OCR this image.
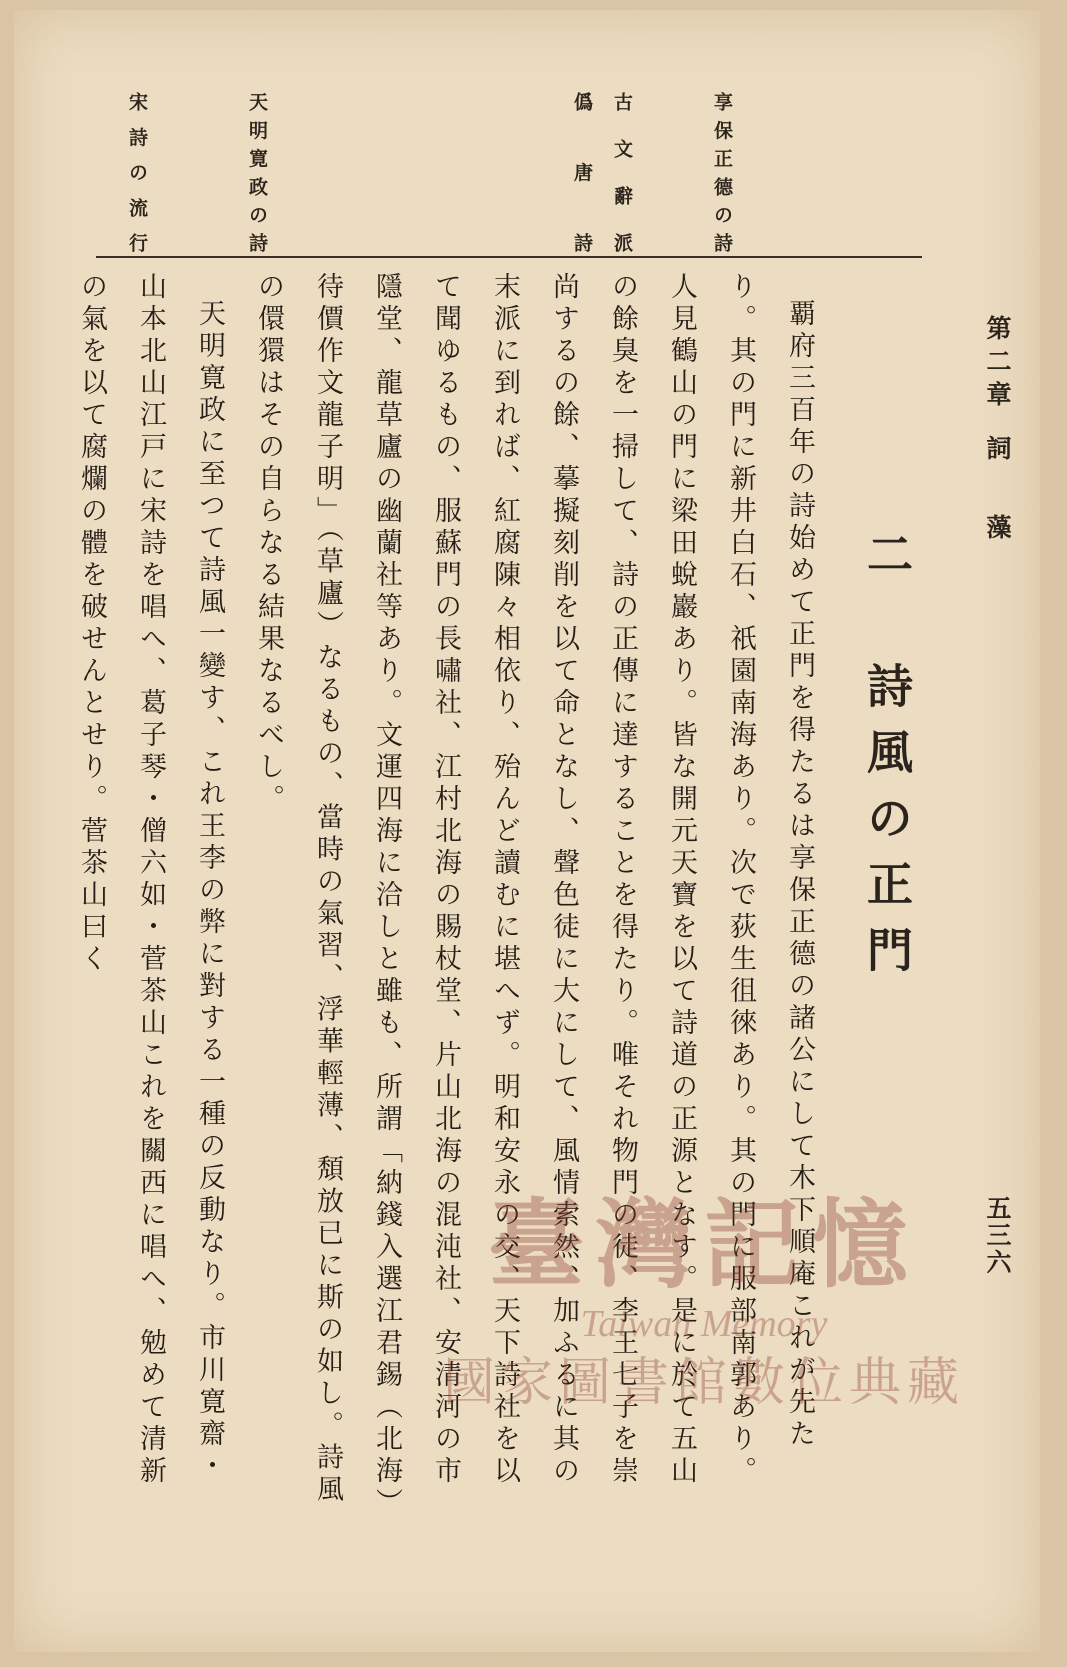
第二章
詞藻
五三六
享保正德の詩
古文辭派
僞唐詩
天明寛政の詩
宋詩の流行
二　詩風の正門

覇府三百年の詩始めて正門を得たるは享保正德の諸公にして木下順庵これが先たり。其の門に新井白石、祇園南海あり。次で荻生徂徠あり。其の門に服部南郭あり。人見鶴山の門に梁田蛻巖あり。皆な開元天寶を以て詩道の正源となす。是に於て五山の餘臭を一掃して、詩の正傳に達することを得たり。唯それ物門の徒、李王七子を崇尚するの餘、摹擬刻削を以て命となし、聲色徒に大にして、風情索然、加ふるに其の末派に到れば、紅腐陳々相依り、殆んど讀むに堪へず。明和安永の交、天下詩社を以て聞ゆるもの、服蘇門の長嘯社、江村北海の賜杖堂、片山北海の混沌社、安清河の市隱堂、龍草廬の幽蘭社等あり。文運四海に洽しと雖も、所謂「納錢入選江君錫（北海）待價作文龍子明」（草廬）なるもの、當時の氣習、浮華輕薄、頽放已に斯の如し。詩風の儇獧はその自らなる結果なるべし。

天明寛政に至つて詩風一變す、これ王李の弊に對する一種の反動なり。市川寛齋・山本北山江戸に宋詩を唱へ、葛子琴・僧六如・菅茶山これを關西に唱へ、勉めて清新の氣を以て腐爛の體を破せんとせり。菅茶山曰く

臺灣記憶
Taiwan Memory
國家圖書館數位典藏
